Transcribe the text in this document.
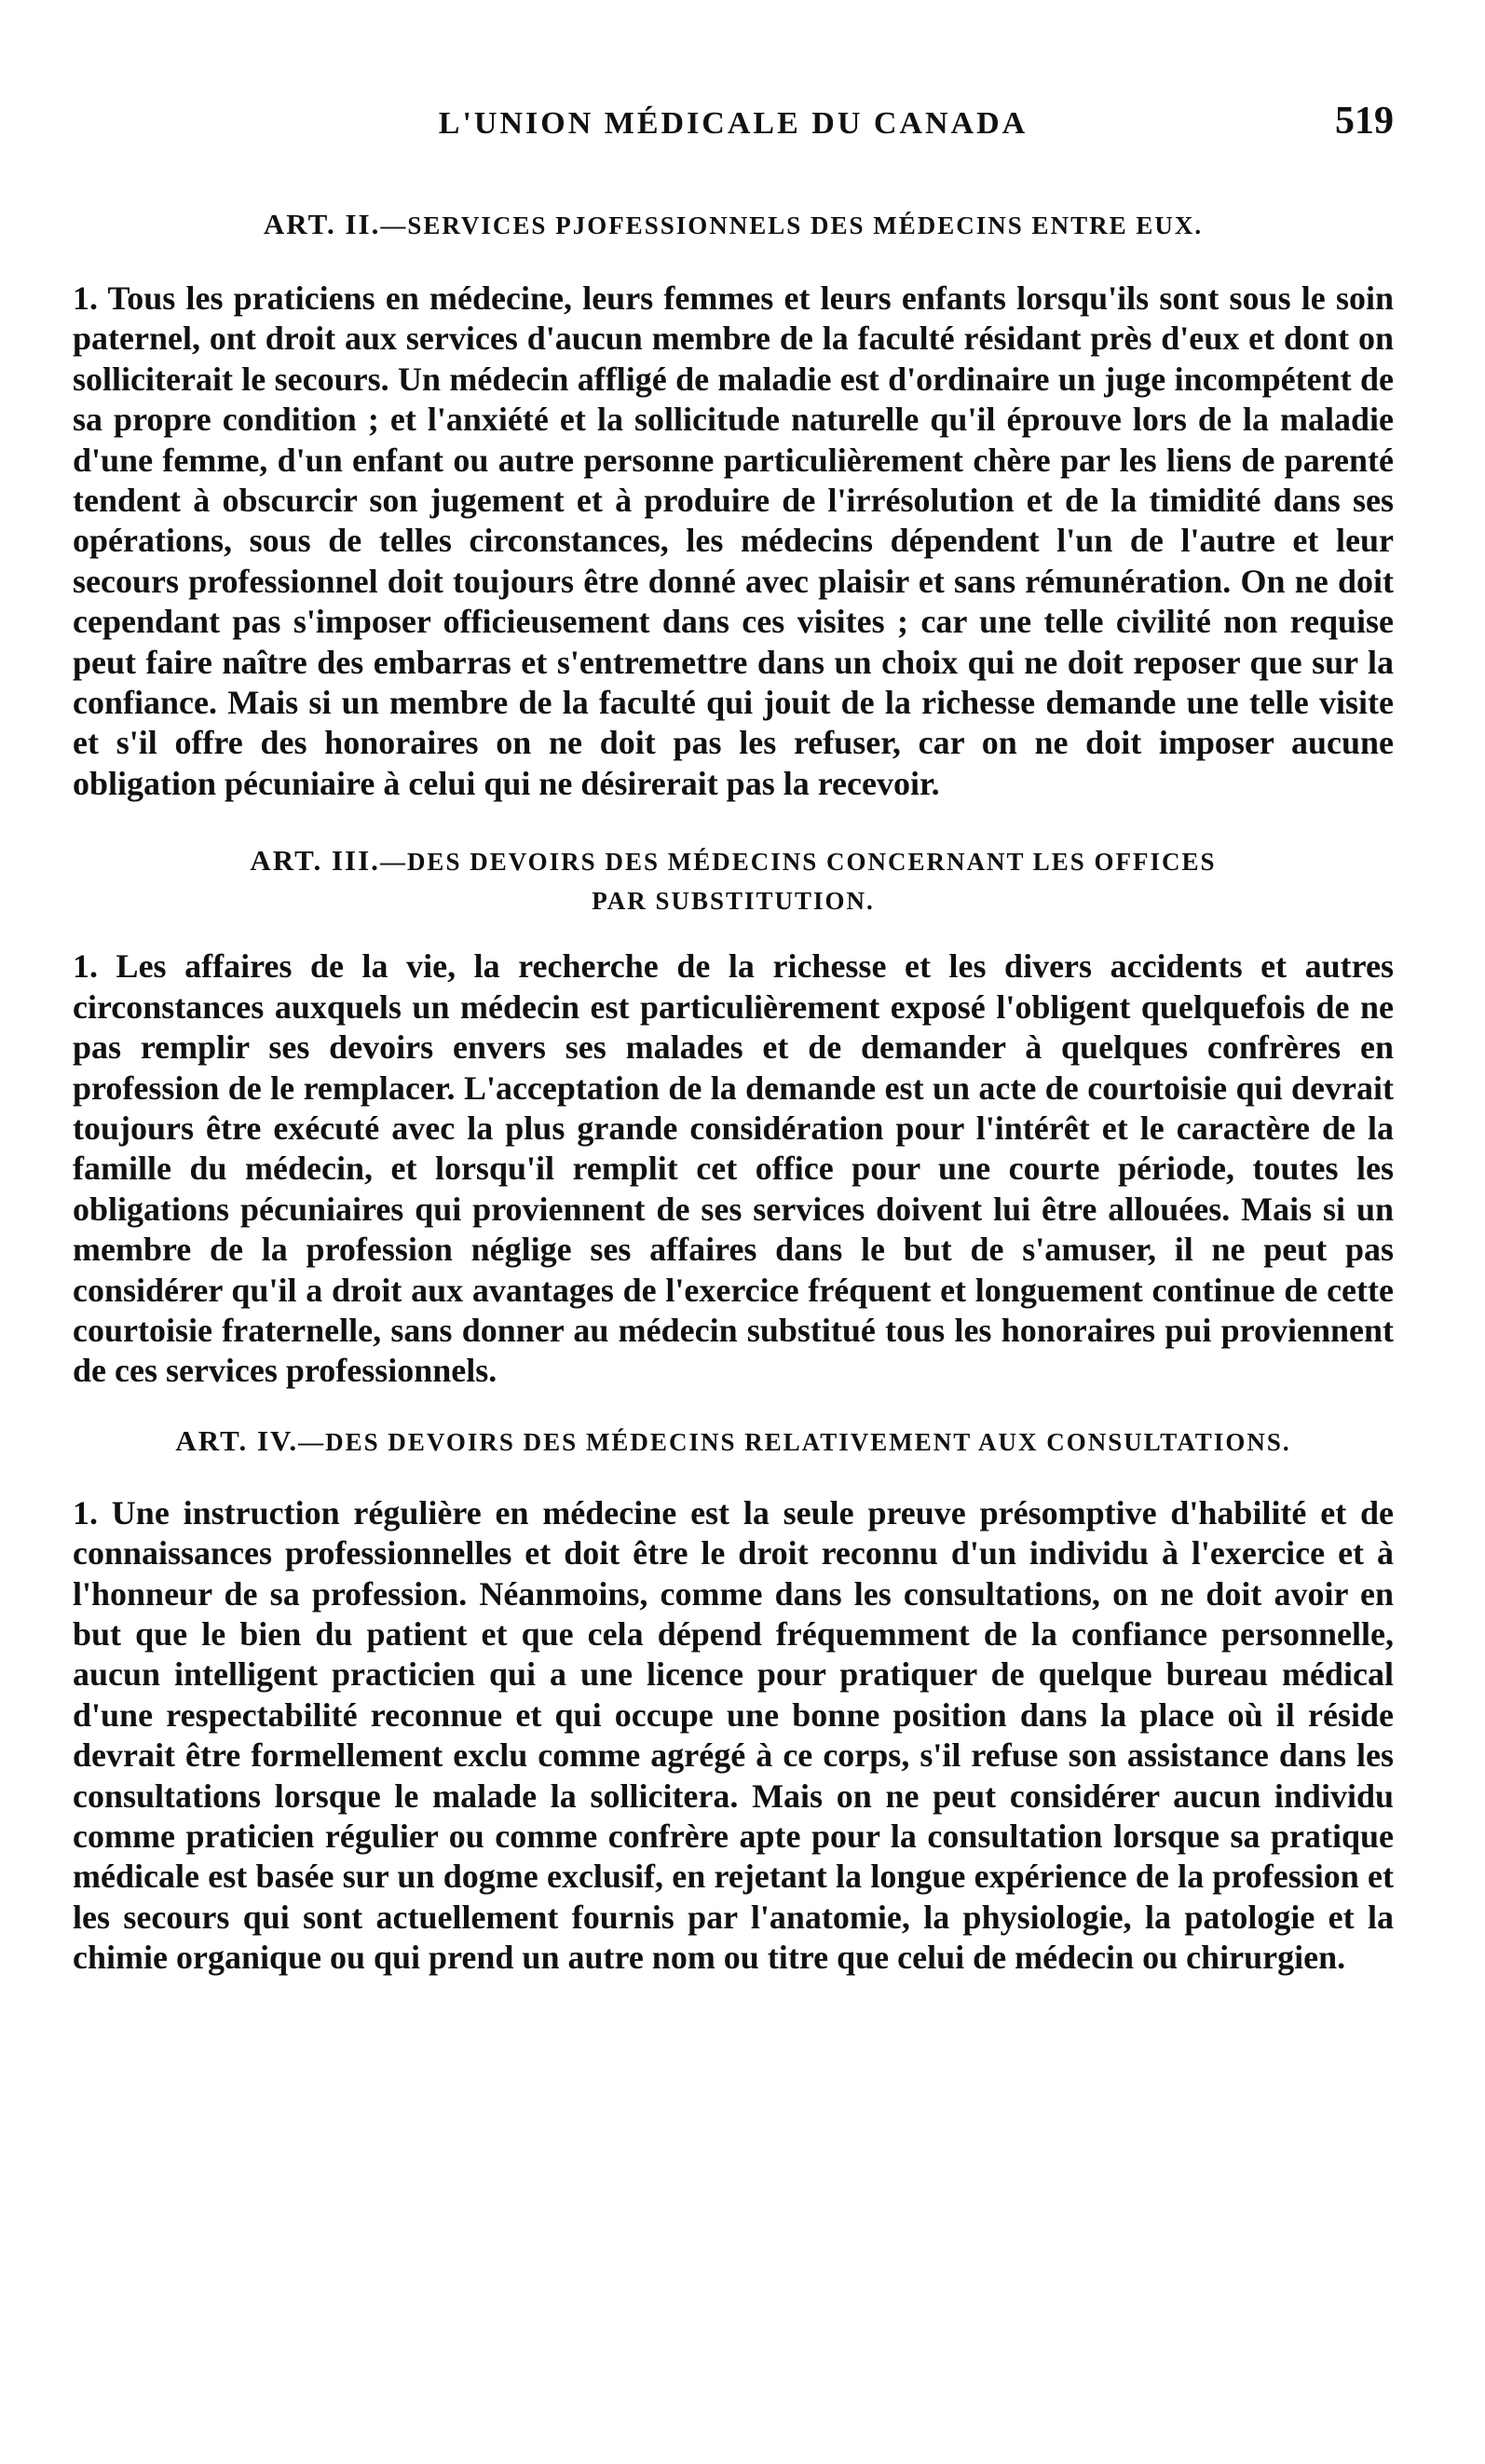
L'UNION MÉDICALE DU CANADA	519
ART. II.—SERVICES PJOFESSIONNELS DES MÉDECINS ENTRE EUX.

1. Tous les praticiens en médecine, leurs femmes et leurs enfants lorsqu'ils sont sous le soin paternel, ont droit aux services d'aucun membre de la faculté résidant près d'eux et dont on solliciterait le secours. Un médecin affligé de maladie est d'ordinaire un juge incompétent de sa propre condition ; et l'anxiété et la sollicitude naturelle qu'il éprouve lors de la maladie d'une femme, d'un enfant ou autre personne particulièrement chère par les liens de parenté tendent à obscurcir son jugement et à produire de l'irrésolution et de la timidité dans ses opérations, sous de telles circonstances, les médecins dépendent l'un de l'autre et leur secours professionnel doit toujours être donné avec plaisir et sans rémunération. On ne doit cependant pas s'imposer officieusement dans ces visites ; car une telle civilité non requise peut faire naître des embarras et s'entremettre dans un choix qui ne doit reposer que sur la confiance. Mais si un membre de la faculté qui jouit de la richesse demande une telle visite et s'il offre des honoraires on ne doit pas les refuser, car on ne doit imposer aucune obligation pécuniaire à celui qui ne désirerait pas la recevoir.

ART. III.—DES DEVOIRS DES MÉDECINS CONCERNANT LES OFFICES
PAR SUBSTITUTION.

1. Les affaires de la vie, la recherche de la richesse et les divers accidents et autres circonstances auxquels un médecin est particulièrement exposé l'obligent quelquefois de ne pas remplir ses devoirs envers ses malades et de demander à quelques confrères en profession de le remplacer. L'acceptation de la demande est un acte de courtoisie qui devrait toujours être exécuté avec la plus grande considération pour l'intérêt et le caractère de la famille du médecin, et lorsqu'il remplit cet office pour une courte période, toutes les obligations pécuniaires qui proviennent de ses services doivent lui être allouées. Mais si un membre de la profession néglige ses affaires dans le but de s'amuser, il ne peut pas considérer qu'il a droit aux avantages de l'exercice fréquent et longuement continue de cette courtoisie fraternelle, sans donner au médecin substitué tous les honoraires pui proviennent de ces services professionnels.

ART. IV.—DES DEVOIRS DES MÉDECINS RELATIVEMENT AUX CONSULTATIONS.

1. Une instruction régulière en médecine est la seule preuve présomptive d'habilité et de connaissances professionnelles et doit être le droit reconnu d'un individu à l'exercice et à l'honneur de sa profession. Néanmoins, comme dans les consultations, on ne doit avoir en but que le bien du patient et que cela dépend fréquemment de la confiance personnelle, aucun intelligent practicien qui a une licence pour pratiquer de quelque bureau médical d'une respectabilité reconnue et qui occupe une bonne position dans la place où il réside devrait être formellement exclu comme agrégé à ce corps, s'il refuse son assistance dans les consultations lorsque le malade la sollicitera. Mais on ne peut considérer aucun individu comme praticien régulier ou comme confrère apte pour la consultation lorsque sa pratique médicale est basée sur un dogme exclusif, en rejetant la longue expérience de la profession et les secours qui sont actuellement fournis par l'anatomie, la physiologie, la patologie et la chimie organique ou qui prend un autre nom ou titre que celui de médecin ou chirurgien.
